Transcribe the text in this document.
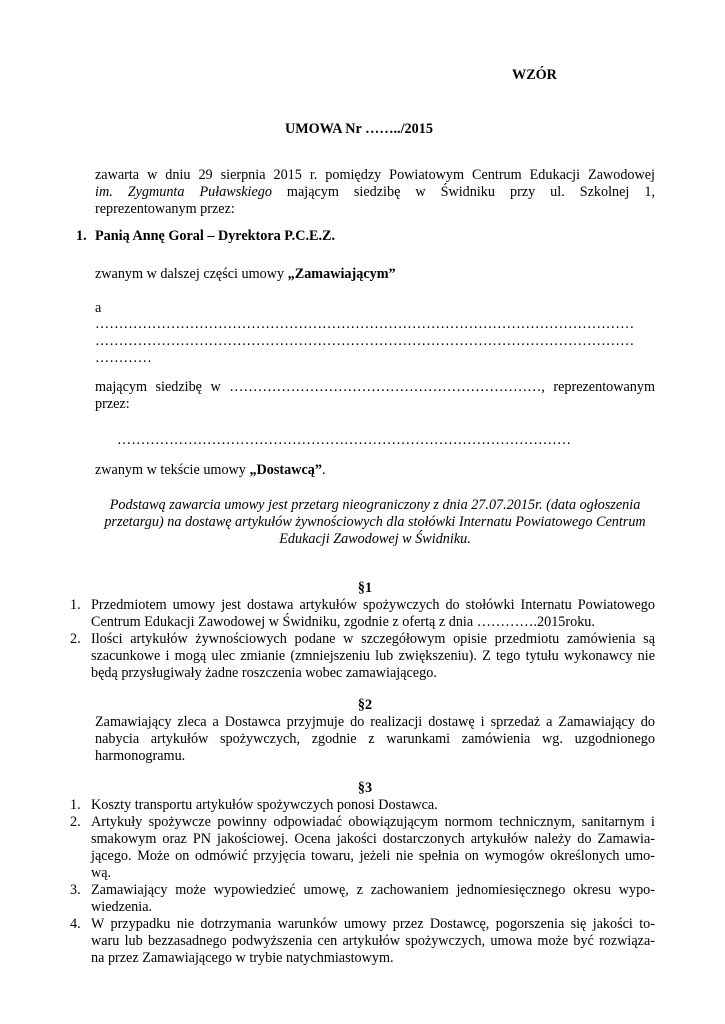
WZÓR
UMOWA Nr ……../2015
zawarta w dniu 29 sierpnia 2015 r. pomiędzy Powiatowym Centrum Edukacji Zawodowej
im. Zygmunta Puławskiego mającym siedzibę w Świdniku przy ul. Szkolnej 1,
reprezentowanym przez:
1. Panią Annę Goral – Dyrektora P.C.E.Z.
zwanym w dalszej części umowy „Zamawiającym”
a
……………………………………………………………………………………………………
……………………………………………………………………………………………………
…………
mającym siedzibę w …………………………………………………………, reprezentowanym
przez:
……………………………………………………………………………………
zwanym w tekście umowy „Dostawcą”.
Podstawą zawarcia umowy jest przetarg nieograniczony z dnia 27.07.2015r. (data ogłoszenia
przetargu) na dostawę artykułów żywnościowych dla stołówki Internatu Powiatowego Centrum
Edukacji Zawodowej w Świdniku.
§1
1. Przedmiotem umowy jest dostawa artykułów spożywczych do stołówki Internatu Powiatowego
Centrum Edukacji Zawodowej w Świdniku, zgodnie z ofertą z dnia ………….2015roku.
2. Ilości artykułów żywnościowych podane w szczegółowym opisie przedmiotu zamówienia są
szacunkowe i mogą ulec zmianie (zmniejszeniu lub zwiększeniu). Z tego tytułu wykonawcy nie
będą przysługiwały żadne roszczenia wobec zamawiającego.
§2
Zamawiający zleca a Dostawca przyjmuje do realizacji dostawę i sprzedaż a Zamawiający do
nabycia artykułów spożywczych, zgodnie z warunkami zamówienia wg. uzgodnionego
harmonogramu.
§3
1. Koszty transportu artykułów spożywczych ponosi Dostawca.
2. Artykuły spożywcze powinny odpowiadać obowiązującym normom technicznym, sanitarnym i
smakowym oraz PN jakościowej. Ocena jakości dostarczonych artykułów należy do Zamawia-
jącego. Może on odmówić przyjęcia towaru, jeżeli nie spełnia on wymogów określonych umo-
wą.
3. Zamawiający może wypowiedzieć umowę, z zachowaniem jednomiesięcznego okresu wypo-
wiedzenia.
4. W przypadku nie dotrzymania warunków umowy przez Dostawcę, pogorszenia się jakości to-
waru lub bezzasadnego podwyższenia cen artykułów spożywczych, umowa może być rozwiąza-
na przez Zamawiającego w trybie natychmiastowym.
